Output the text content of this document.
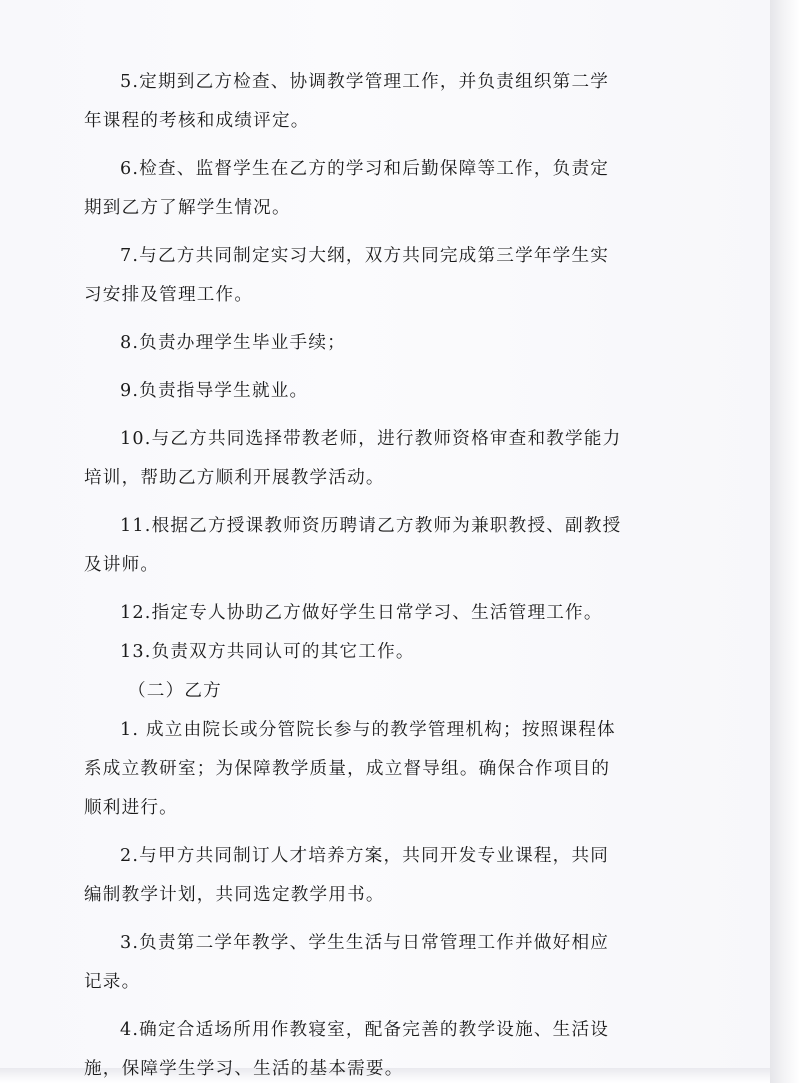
5.定期到乙方检查、协调教学管理工作，并负责组织第二学
年课程的考核和成绩评定。
6.检查、监督学生在乙方的学习和后勤保障等工作，负责定
期到乙方了解学生情况。
7.与乙方共同制定实习大纲，双方共同完成第三学年学生实
习安排及管理工作。
8.负责办理学生毕业手续；
9.负责指导学生就业。
10.与乙方共同选择带教老师，进行教师资格审查和教学能力
培训，帮助乙方顺利开展教学活动。
11.根据乙方授课教师资历聘请乙方教师为兼职教授、副教授
及讲师。
12.指定专人协助乙方做好学生日常学习、生活管理工作。
13.负责双方共同认可的其它工作。
（二）乙方
1. 成立由院长或分管院长参与的教学管理机构；按照课程体
系成立教研室；为保障教学质量，成立督导组。确保合作项目的
顺利进行。
2.与甲方共同制订人才培养方案，共同开发专业课程，共同
编制教学计划，共同选定教学用书。
3.负责第二学年教学、学生生活与日常管理工作并做好相应
记录。
4.确定合适场所用作教寝室，配备完善的教学设施、生活设
施，保障学生学习、生活的基本需要。
